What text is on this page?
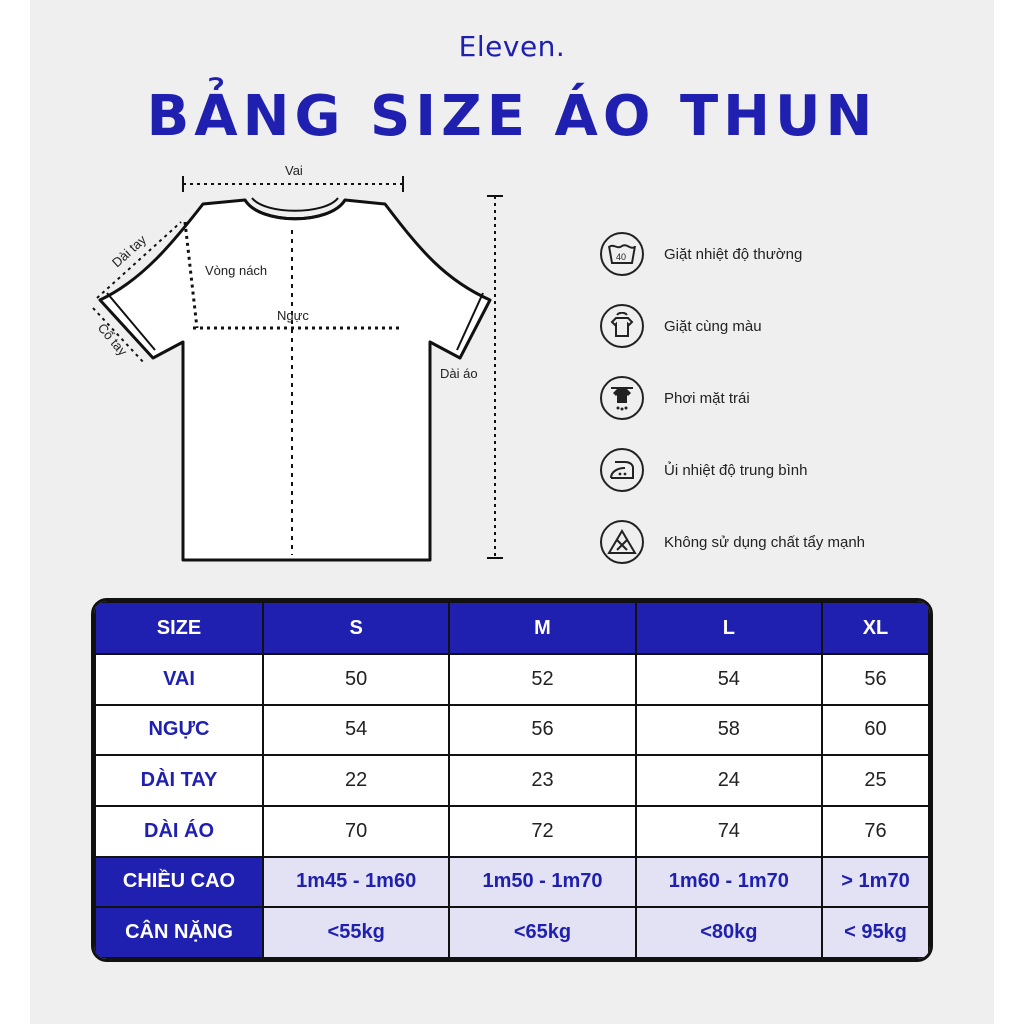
Eleven.
BẢNG SIZE ÁO THUN
Vai
Vòng nách
Ngực
Dài áo
Dài tay
Cổ tay
40	Giặt nhiệt độ thường
Giặt cùng màu
Phơi mặt trái
Ủi nhiệt độ trung bình
Không sử dụng chất tẩy mạnh
SIZE	S	M	L	XL
VAI	50	52	54	56
NGỰC	54	56	58	60
DÀI TAY	22	23	24	25
DÀI ÁO	70	72	74	76
CHIỀU CAO	1m45 - 1m60	1m50 - 1m70	1m60 - 1m70	> 1m70
CÂN NẶNG	<55kg	<65kg	<80kg	< 95kg
